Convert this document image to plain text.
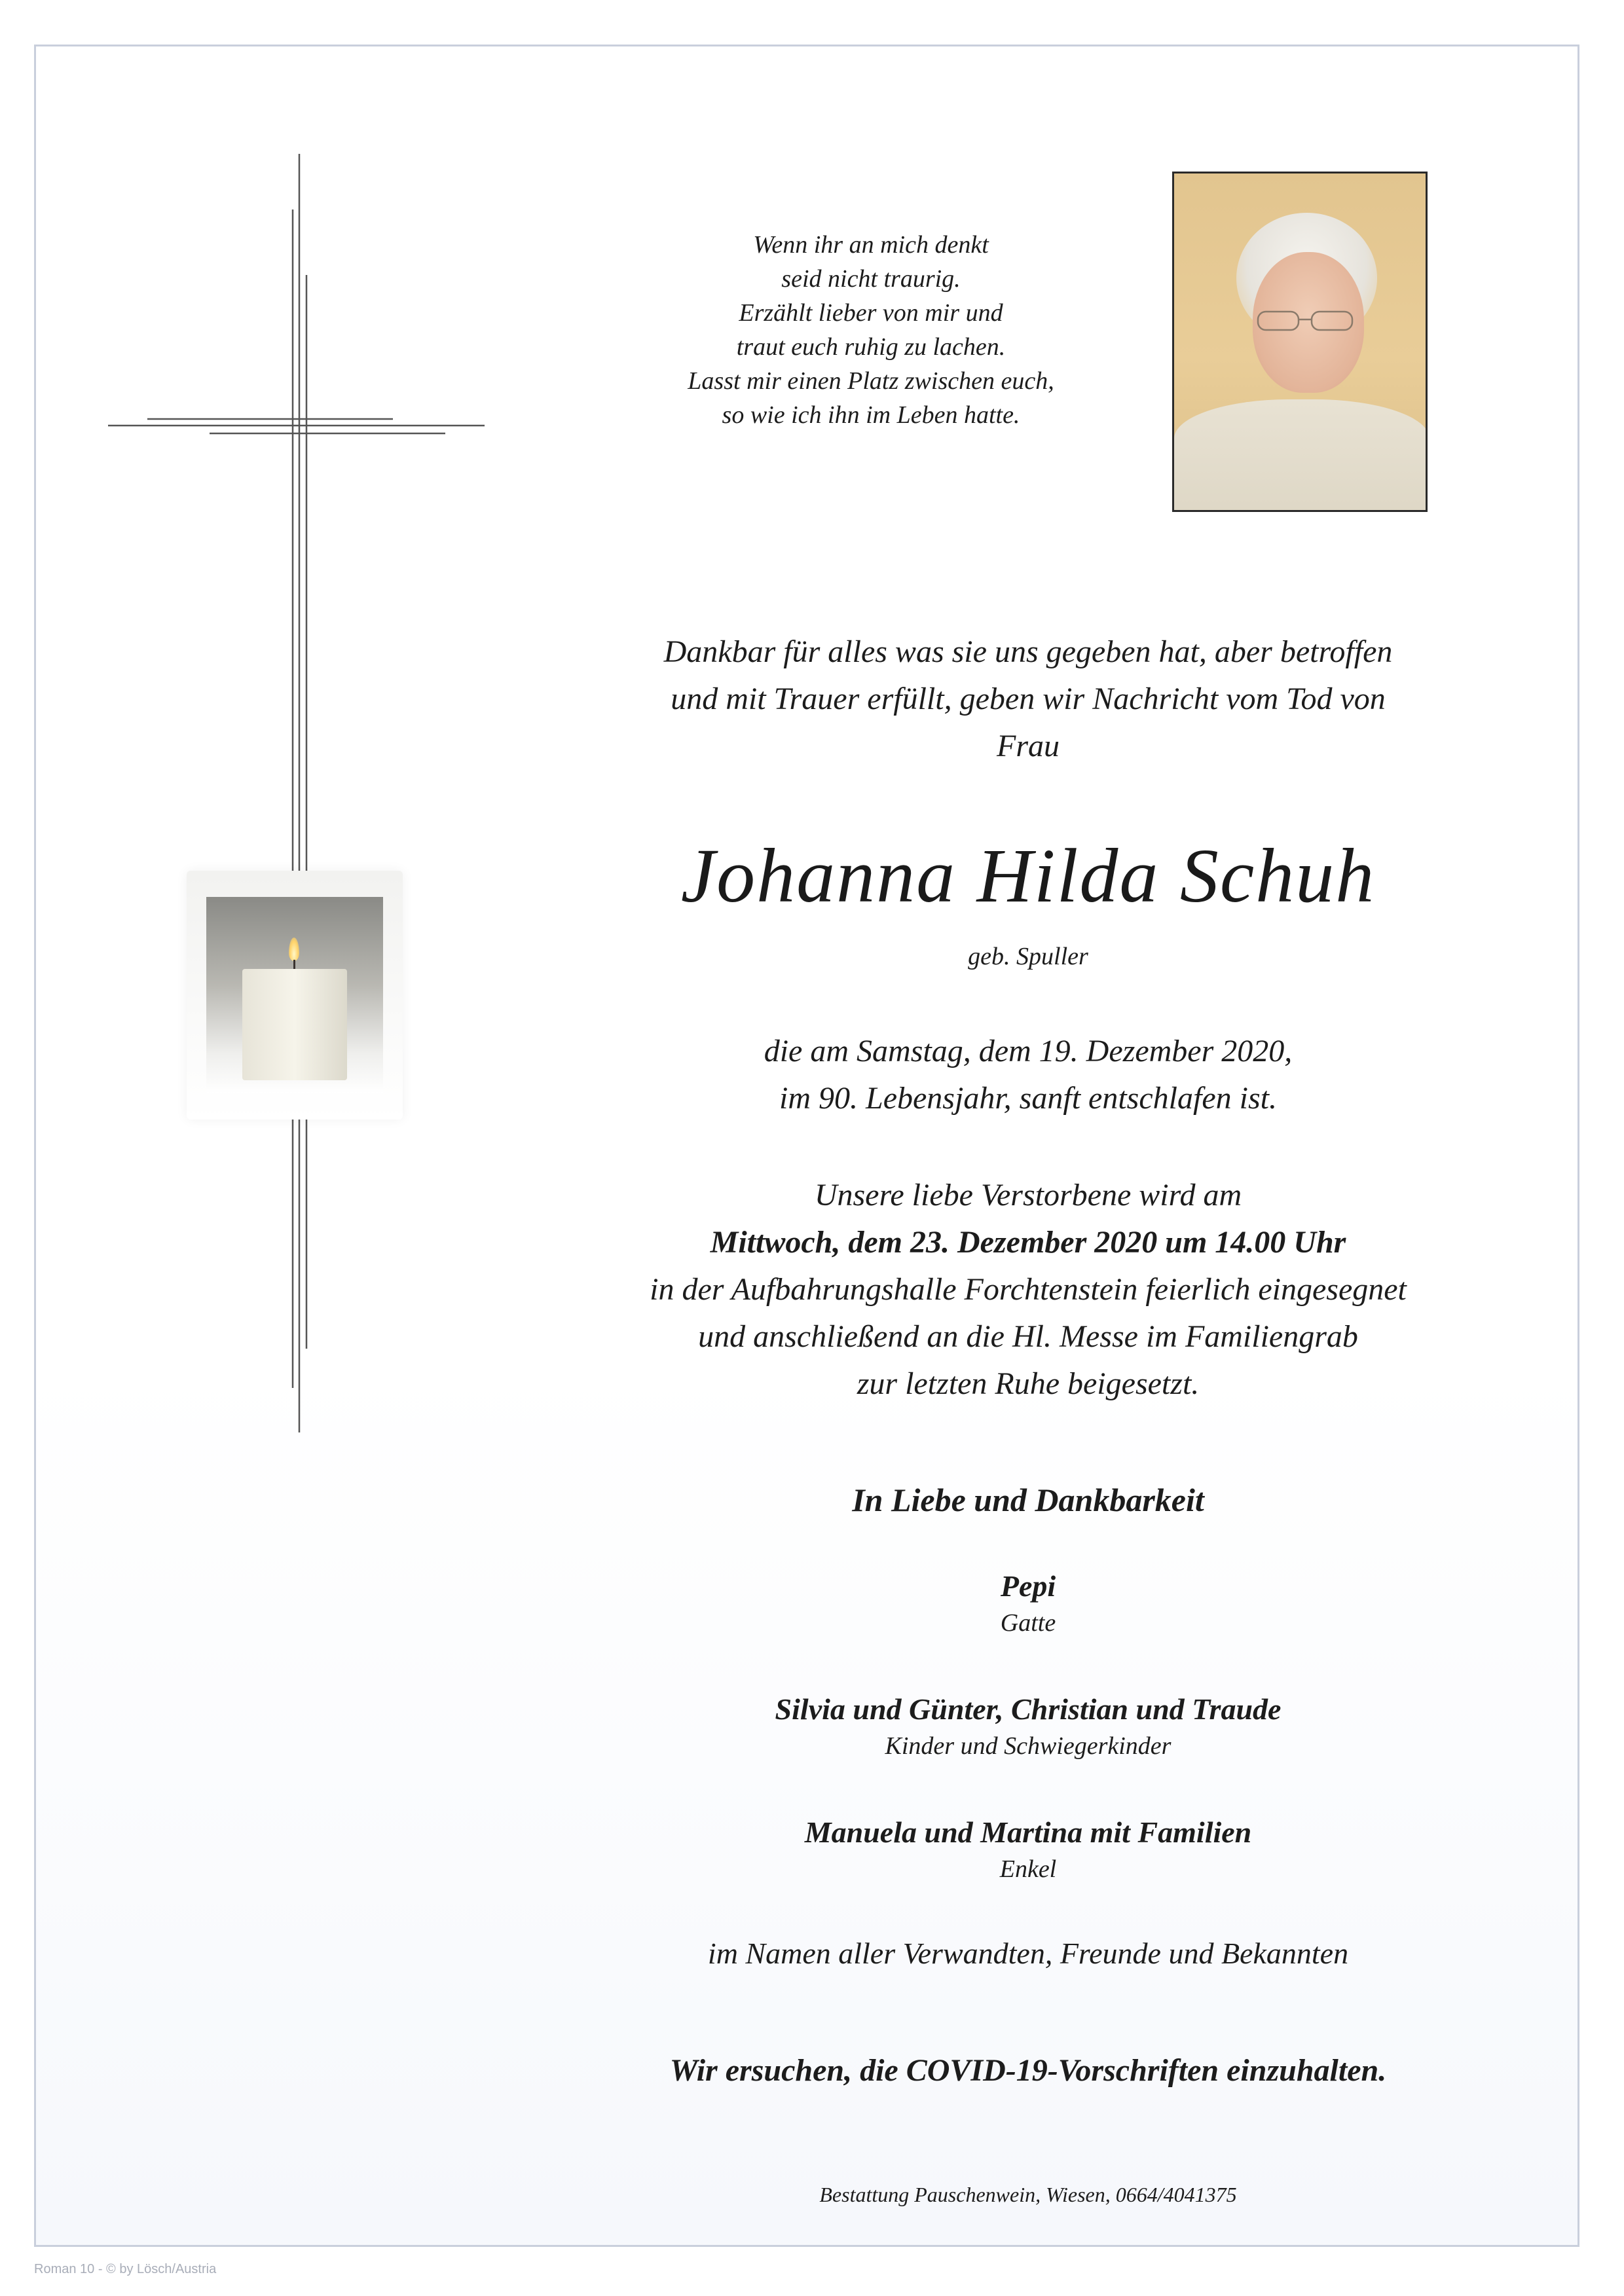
Wenn ihr an mich denkt
seid nicht traurig.
Erzählt lieber von mir und
traut euch ruhig zu lachen.
Lasst mir einen Platz zwischen euch,
so wie ich ihn im Leben hatte.
Dankbar für alles was sie uns gegeben hat, aber betroffen
und mit Trauer erfüllt, geben wir Nachricht vom Tod von
Frau
Johanna Hilda Schuh
geb. Spuller
die am Samstag, dem 19. Dezember 2020,
im 90. Lebensjahr, sanft entschlafen ist.
Unsere liebe Verstorbene wird am
Mittwoch, dem 23. Dezember 2020 um 14.00 Uhr
in der Aufbahrungshalle Forchtenstein feierlich eingesegnet
und anschließend an die Hl. Messe im Familiengrab
zur letzten Ruhe beigesetzt.
In Liebe und Dankbarkeit
Pepi
Gatte
Silvia und Günter, Christian und Traude
Kinder und Schwiegerkinder
Manuela und Martina mit Familien
Enkel
im Namen aller Verwandten, Freunde und Bekannten
Wir ersuchen, die COVID-19-Vorschriften einzuhalten.
Bestattung Pauschenwein, Wiesen, 0664/4041375
Roman 10 - © by Lösch/Austria
